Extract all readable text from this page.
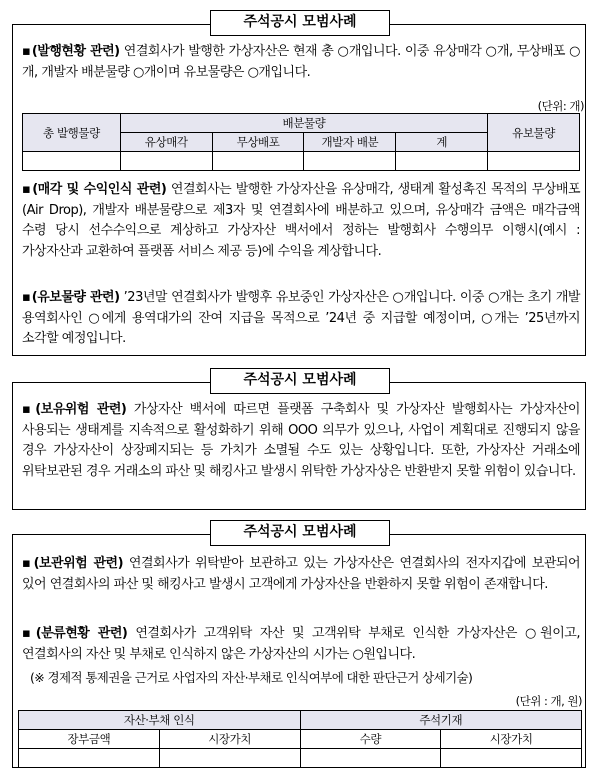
주석공시 모범사례
▪(발행현황 관련) 연결회사가 발행한 가상자산은 현재 총 ○개입니다. 이중 유상매각 ○개, 무상배포 ○개, 개발자 배분물량 ○개이며 유보물량은 ○개입니다.
(단위: 개)
총 발행물량	배분물량				유보물량
	유상매각	무상배포	개발자 배분	계	

▪(매각 및 수익인식 관련) 연결회사는 발행한 가상자산을 유상매각, 생태계 활성촉진 목적의 무상배포(Air Drop), 개발자 배분물량으로 제3자 및 연결회사에 배분하고 있으며, 유상매각 금액은 매각금액 수령 당시 선수수익으로 계상하고 가상자산 백서에서 정하는 발행회사 수행의무 이행시(예시 : 가상자산과 교환하여 플랫폼 서비스 제공 등)에 수익을 계상합니다.
▪(유보물량 관련) ’23년말 연결회사가 발행후 유보중인 가상자산은 ○개입니다. 이중 ○개는 초기 개발 용역회사인 ○에게 용역대가의 잔여 지급을 목적으로 ’24년 중 지급할 예정이며, ○개는 ’25년까지 소각할 예정입니다.
주석공시 모범사례
▪(보유위험 관련) 가상자산 백서에 따르면 플랫폼 구축회사 및 가상자산 발행회사는 가상자산이 사용되는 생태계를 지속적으로 활성화하기 위해 OOO 의무가 있으나, 사업이 계획대로 진행되지 않을 경우 가상자산이 상장폐지되는 등 가치가 소멸될 수도 있는 상황입니다. 또한, 가상자산 거래소에 위탁보관된 경우 거래소의 파산 및 해킹사고 발생시 위탁한 가상자상은 반환받지 못할 위험이 있습니다.
주석공시 모범사례
▪(보관위험 관련) 연결회사가 위탁받아 보관하고 있는 가상자산은 연결회사의 전자지갑에 보관되어 있어 연결회사의 파산 및 해킹사고 발생시 고객에게 가상자산을 반환하지 못할 위험이 존재합니다.
▪(분류현황 관련) 연결회사가 고객위탁 자산 및 고객위탁 부채로 인식한 가상자산은 ○원이고, 연결회사의 자산 및 부채로 인식하지 않은 가상자산의 시가는 ○원입니다.
(※ 경제적 통제권을 근거로 사업자의 자산·부채로 인식여부에 대한 판단근거 상세기술)
(단위 : 개, 원)
자산·부채 인식		주석기재	
장부금액	시장가치	수량	시장가치
